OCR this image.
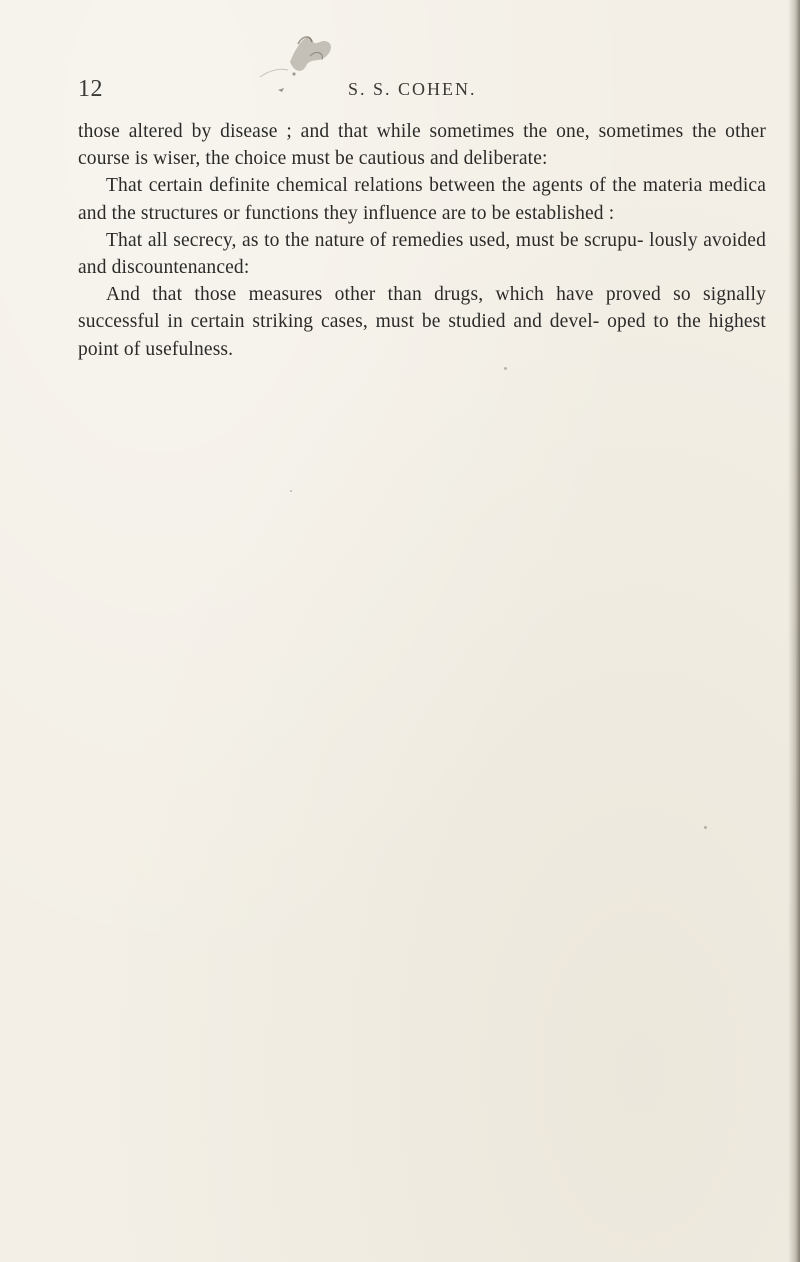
12	S. S. COHEN.

those altered by disease ; and that while sometimes the one, sometimes the other course is wiser, the choice must be cautious and deliberate:

That certain definite chemical relations between the agents of the materia medica and the structures or functions they influence are to be established :

That all secrecy, as to the nature of remedies used, must be scrupu- lously avoided and discountenanced:

And that those measures other than drugs, which have proved so signally successful in certain striking cases, must be studied and devel- oped to the highest point of usefulness.
